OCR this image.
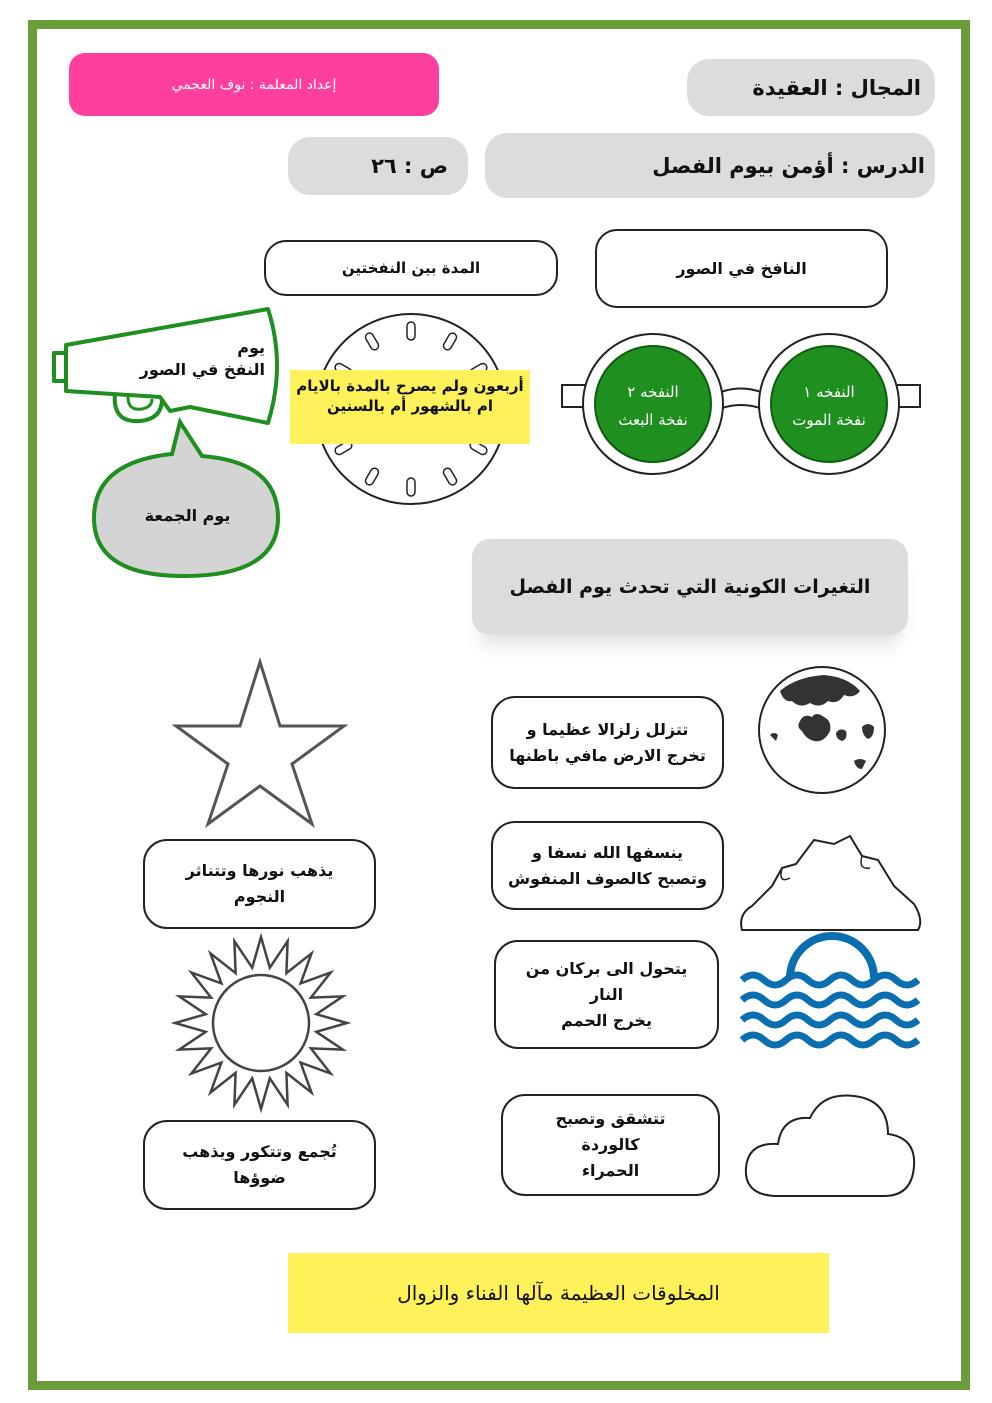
إعداد المعلمة : نوف العجمي	المجال : العقيدة
الدرس : أؤمن بيوم الفصل
ص : ٢٦
النافخ في الصور
المدة بين النفختين
يوم
النفخ في الصور
يوم الجمعة
أربعون ولم يصرح بالمدة بالايام
ام بالشهور أم بالسنين
النفخه ٢
نفخة البعث
النفخه ١
نفخة الموت
التغيرات الكونية التي تحدث يوم الفصل
تتزلل زلزالا عظيما و
تخرج الارض مافي باطنها
ينسفها الله نسفا و
وتصبح كالصوف المنفوش
يتحول الى بركان من
النار
يخرج الحمم
تتشقق وتصبح
كالوردة
الحمراء
يذهب نورها وتتناثر
النجوم
تُجمع وتتكور ويذهب
ضوؤها
المخلوقات العظيمة مآلها الفناء والزوال
